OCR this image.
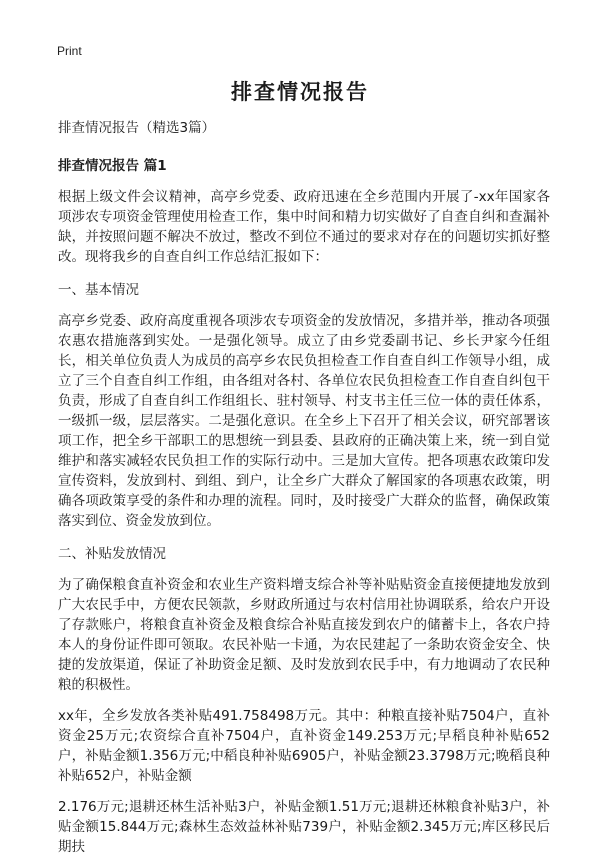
Print
排查情况报告
排查情况报告（精选3篇）
排查情况报告 篇1

根据上级文件会议精神，高亭乡党委、政府迅速在全乡范围内开展了-xx年国家各项涉农专项资金管理使用检查工作，集中时间和精力切实做好了自查自纠和查漏补缺，并按照问题不解决不放过，整改不到位不通过的要求对存在的问题切实抓好整改。现将我乡的自查自纠工作总结汇报如下：

一、基本情况

高亭乡党委、政府高度重视各项涉农专项资金的发放情况，多措并举，推动各项强农惠农措施落到实处。一是强化领导。成立了由乡党委副书记、乡长尹家今任组长，相关单位负责人为成员的高亭乡农民负担检查工作自查自纠工作领导小组，成立了三个自查自纠工作组，由各组对各村、各单位农民负担检查工作自查自纠包干负责，形成了自查自纠工作组组长、驻村领导、村支书主任三位一体的责任体系，一级抓一级，层层落实。二是强化意识。在全乡上下召开了相关会议，研究部署该项工作，把全乡干部职工的思想统一到县委、县政府的正确决策上来，统一到自觉维护和落实减轻农民负担工作的实际行动中。三是加大宣传。把各项惠农政策印发宣传资料，发放到村、到组、到户，让全乡广大群众了解国家的各项惠农政策，明确各项政策享受的条件和办理的流程。同时，及时接受广大群众的监督，确保政策落实到位、资金发放到位。

二、补贴发放情况

为了确保粮食直补资金和农业生产资料增支综合补等补贴贴资金直接便捷地发放到广大农民手中，方便农民领款，乡财政所通过与农村信用社协调联系，给农户开设了存款账户，将粮食直补资金及粮食综合补贴直接发到农户的储蓄卡上，各农户持本人的身份证件即可领取。农民补贴一卡通，为农民建起了一条助农资金安全、快捷的发放渠道，保证了补助资金足额、及时发放到农民手中，有力地调动了农民种粮的积极性。

xx年，全乡发放各类补贴491.758498万元。其中：种粮直接补贴7504户，直补资金25万元;农资综合直补7504户，直补资金149.253万元;早稻良种补贴652户，补贴金额1.356万元;中稻良种补贴6905户，补贴金额23.3798万元;晚稻良种补贴652户，补贴金额

2.176万元;退耕还林生活补贴3户，补贴金额1.51万元;退耕还林粮食补贴3户，补贴金额15.844万元;森林生态效益林补贴739户，补贴金额2.345万元;库区移民后期扶
